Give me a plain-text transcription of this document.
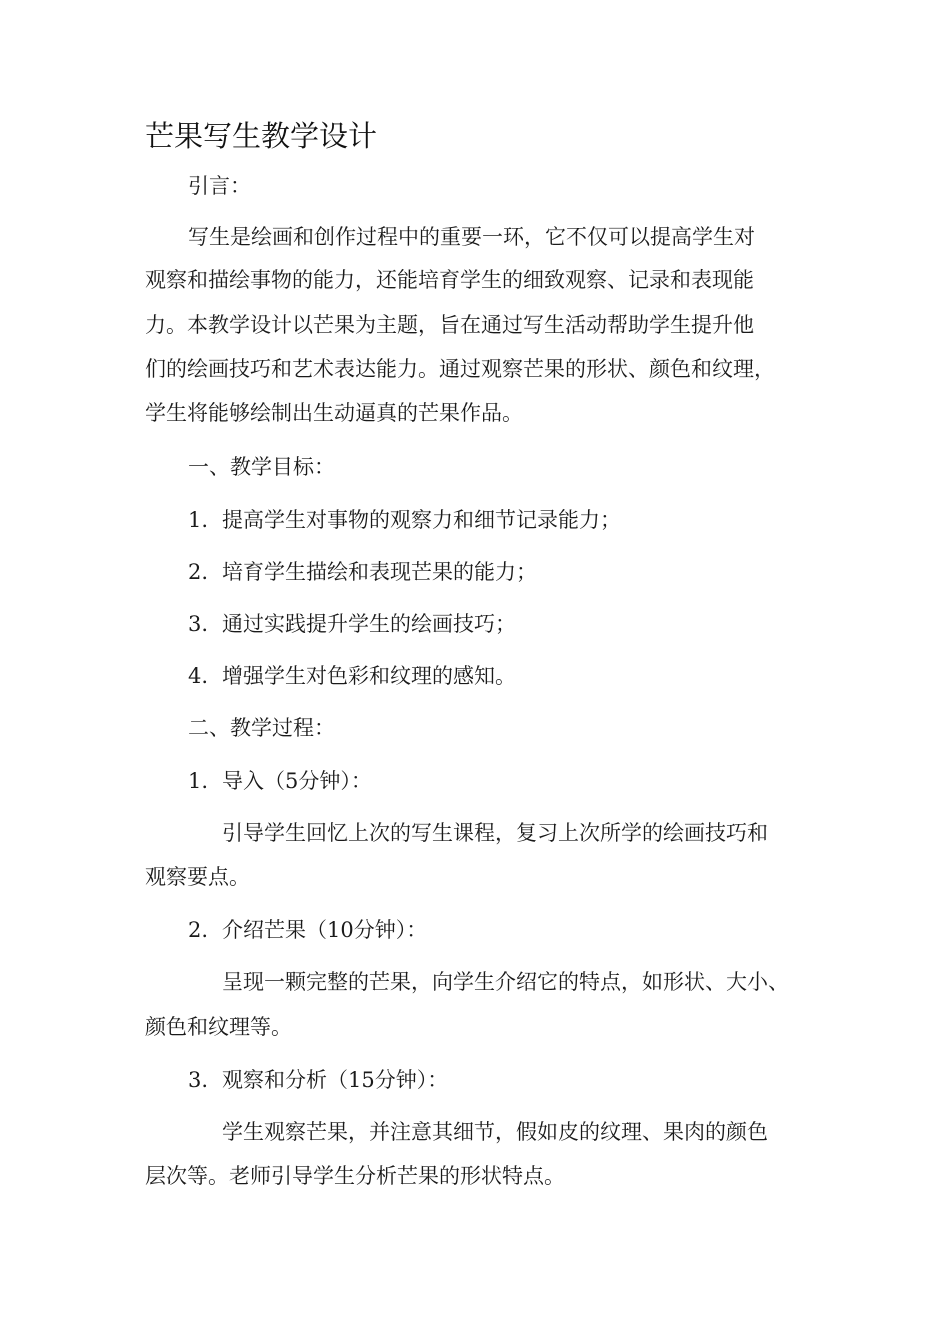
芒果写生教学设计

引言：

写生是绘画和创作过程中的重要一环，它不仅可以提高学生对

观察和描绘事物的能力，还能培育学生的细致观察、记录和表现能

力。本教学设计以芒果为主题，旨在通过写生活动帮助学生提升他

们的绘画技巧和艺术表达能力。通过观察芒果的形状、颜色和纹理，

学生将能够绘制出生动逼真的芒果作品。

一、教学目标：

1. 提高学生对事物的观察力和细节记录能力；

2. 培育学生描绘和表现芒果的能力；

3. 通过实践提升学生的绘画技巧；

4. 增强学生对色彩和纹理的感知。

二、教学过程：

1. 导入（5分钟）：

引导学生回忆上次的写生课程，复习上次所学的绘画技巧和

观察要点。

2. 介绍芒果（10分钟）：

呈现一颗完整的芒果，向学生介绍它的特点，如形状、大小、

颜色和纹理等。

3. 观察和分析（15分钟）：

学生观察芒果，并注意其细节，假如皮的纹理、果肉的颜色

层次等。老师引导学生分析芒果的形状特点。
